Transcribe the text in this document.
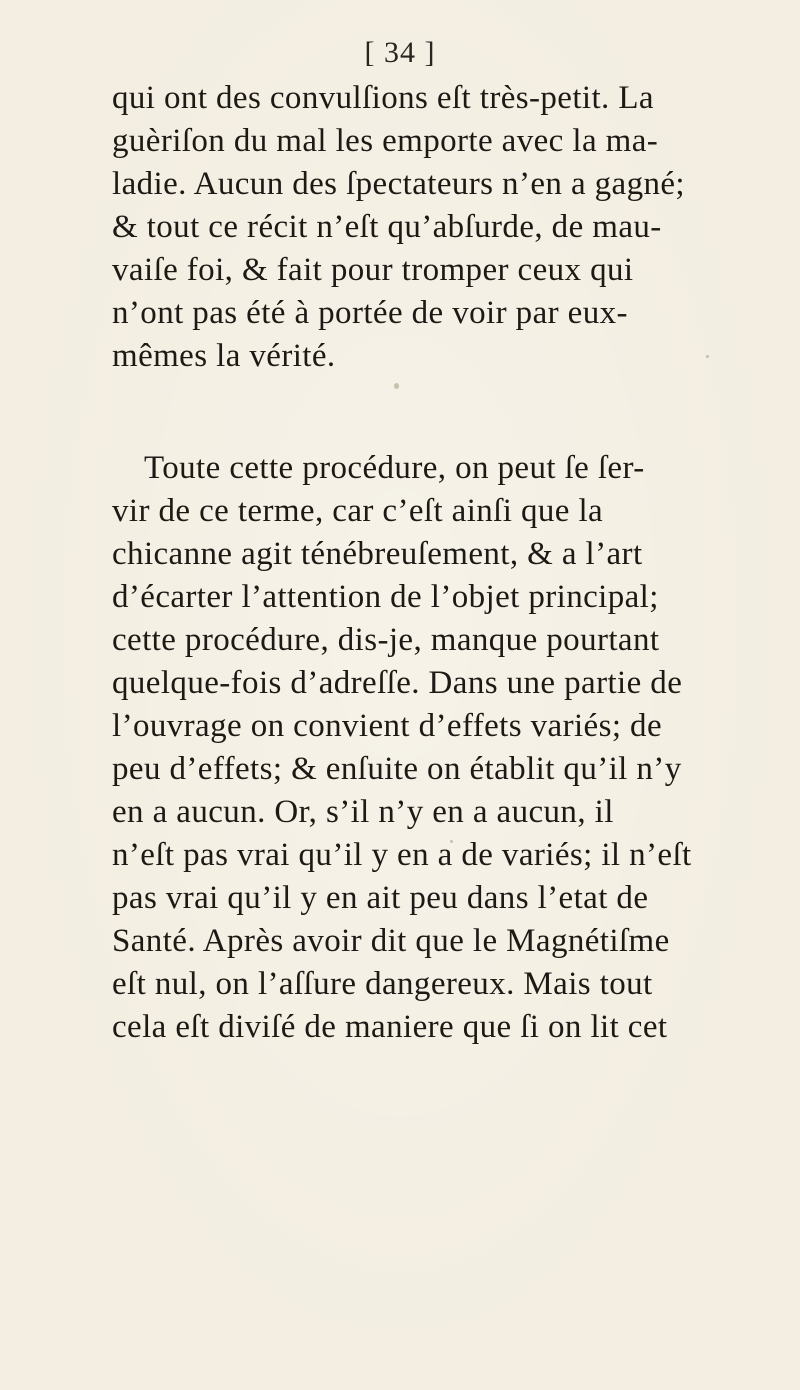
[ 34 ]
qui ont des convulſions eſt très-petit. La
guèriſon du mal les emporte avec la ma-
ladie. Aucun des ſpectateurs n’en a gagné;
& tout ce récit n’eſt qu’abſurde, de mau-
vaiſe foi, & fait pour tromper ceux qui
n’ont pas été à portée de voir par eux-
mêmes la vérité.
Toute cette procédure, on peut ſe ſer-
vir de ce terme, car c’eſt ainſi que la
chicanne agit ténébreuſement, & a l’art
d’écarter l’attention de l’objet principal;
cette procédure, dis-je, manque pourtant
quelque-fois d’adreſſe. Dans une partie de
l’ouvrage on convient d’effets variés; de
peu d’effets; & enſuite on établit qu’il n’y
en a aucun. Or, s’il n’y en a aucun, il
n’eſt pas vrai qu’il y en a de variés; il n’eſt
pas vrai qu’il y en ait peu dans l’etat de
Santé. Après avoir dit que le Magnétiſme
eſt nul, on l’aſſure dangereux. Mais tout
cela eſt diviſé de maniere que ſi on lit cet
